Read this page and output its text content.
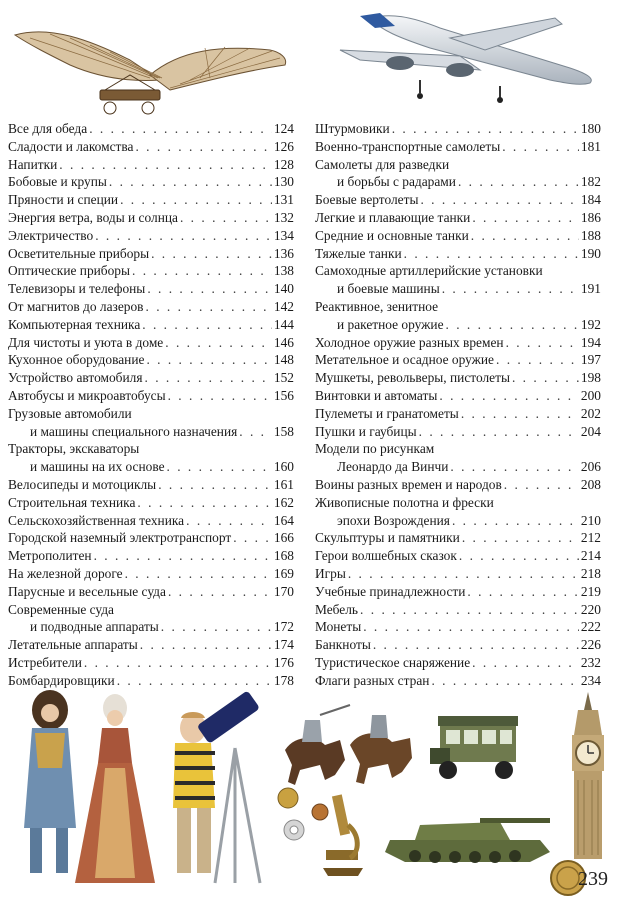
Все для обеда . . .	124
Сладости и лакомства . . .	126
Напитки . . .	128
Бобовые и крупы . . .	130
Пряности и специи . . .	131
Энергия ветра, воды и солнца . . .	132
Электричество . . .	134
Осветительные приборы . . .	136
Оптические приборы . . .	138
Телевизоры и телефоны . . .	140
От магнитов до лазеров . . .	142
Компьютерная техника . . .	144
Для чистоты и уюта в доме . . .	146
Кухонное оборудование . . .	148
Устройство автомобиля . . .	152
Автобусы и микроавтобусы . . .	156
Грузовые автомобили
и машины специального назначения . . .	158
Тракторы, экскаваторы
и машины на их основе . . .	160
Велосипеды и мотоциклы . . .	161
Строительная техника . . .	162
Сельскохозяйственная техника . . .	164
Городской наземный электротранспорт . . .	166
Метрополитен . . .	168
На железной дороге . . .	169
Парусные и весельные суда . . .	170
Современные суда
и подводные аппараты . . .	172
Летательные аппараты . . .	174
Истребители . . .	176
Бомбардировщики . . .	178
Штурмовики . . .	180
Военно-транспортные самолеты . . .	181
Самолеты для разведки
и борьбы с радарами . . .	182
Боевые вертолеты . . .	184
Легкие и плавающие танки . . .	186
Средние и основные танки . . .	188
Тяжелые танки . . .	190
Самоходные артиллерийские установки
и боевые машины . . .	191
Реактивное, зенитное
и ракетное оружие . . .	192
Холодное оружие разных времен . . .	194
Метательное и осадное оружие . . .	197
Мушкеты, револьверы, пистолеты . . .	198
Винтовки и автоматы . . .	200
Пулеметы и гранатометы . . .	202
Пушки и гаубицы . . .	204
Модели по рисункам
Леонардо да Винчи . . .	206
Воины разных времен и народов . . .	208
Живописные полотна и фрески
эпохи Возрождения . . .	210
Скульптуры и памятники . . .	212
Герои волшебных сказок . . .	214
Игры . . .	218
Учебные принадлежности . . .	219
Мебель . . .	220
Монеты . . .	222
Банкноты . . .	226
Туристическое снаряжение . . .	232
Флаги разных стран . . .	234
239
